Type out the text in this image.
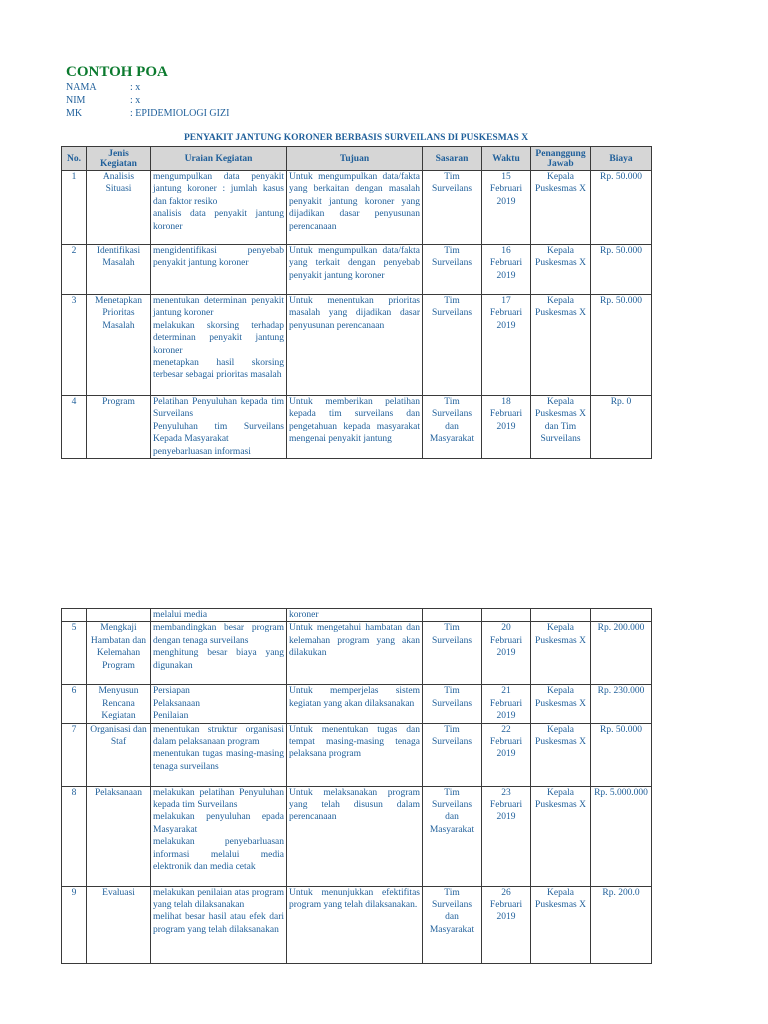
CONTOH POA
NAMA	: x
NIM	: x
MK	: EPIDEMIOLOGI GIZI
PENYAKIT JANTUNG KORONER BERBASIS SURVEILANS DI PUSKESMAS X
No.	Jenis Kegiatan	Uraian Kegiatan	Tujuan	Sasaran	Waktu	Penanggung Jawab	Biaya
1	Analisis Situasi	mengumpulkan data penyakit jantung koroner : jumlah kasus dan faktor resiko
analisis data penyakit jantung koroner	Untuk mengumpulkan data/fakta yang berkaitan dengan masalah penyakit jantung koroner yang dijadikan dasar penyusunan perencanaan	Tim Surveilans	15 Februari 2019	Kepala Puskesmas X	Rp. 50.000
2	Identifikasi Masalah	mengidentifikasi penyebab penyakit jantung koroner	Untuk mengumpulkan data/fakta yang terkait dengan penyebab penyakit jantung koroner	Tim Surveilans	16 Februari 2019	Kepala Puskesmas X	Rp. 50.000
3	Menetapkan Prioritas Masalah	menentukan determinan penyakit jantung koroner
melakukan skorsing terhadap determinan penyakit jantung koroner
menetapkan hasil skorsing terbesar sebagai prioritas masalah	Untuk menentukan prioritas masalah yang dijadikan dasar penyusunan perencanaan	Tim Surveilans	17 Februari 2019	Kepala Puskesmas X	Rp. 50.000
4	Program	Pelatihan Penyuluhan kepada tim Surveilans
Penyuluhan tim Surveilans Kepada Masyarakat
penyebarluasan informasi	Untuk memberikan pelatihan kepada tim surveilans dan pengetahuan kepada masyarakat mengenai penyakit jantung	Tim Surveilans dan Masyarakat	18 Februari 2019	Kepala Puskesmas X dan Tim Surveilans	Rp. 0
		melalui media	koroner				
5	Mengkaji Hambatan dan Kelemahan Program	membandingkan besar program dengan tenaga surveilans
menghitung besar biaya yang digunakan	Untuk mengetahui hambatan dan kelemahan program yang akan dilakukan	Tim Surveilans	20 Februari 2019	Kepala Puskesmas X	Rp. 200.000
6	Menyusun Rencana Kegiatan	Persiapan
Pelaksanaan
Penilaian	Untuk memperjelas sistem kegiatan yang akan dilaksanakan	Tim Surveilans	21 Februari 2019	Kepala Puskesmas X	Rp. 230.000
7	Organisasi dan Staf	menentukan struktur organisasi dalam pelaksanaan program
menentukan tugas masing-masing tenaga surveilans	Untuk menentukan tugas dan tempat masing-masing tenaga pelaksana program	Tim Surveilans	22 Februari 2019	Kepala Puskesmas X	Rp. 50.000
8	Pelaksanaan	melakukan pelatihan Penyuluhan kepada tim Surveilans
melakukan penyuluhan epada Masyarakat
melakukan penyebarluasan informasi melalui media elektronik dan media cetak	Untuk melaksanakan program yang telah disusun dalam perencanaan	Tim Surveilans dan Masyarakat	23 Februari 2019	Kepala Puskesmas X	Rp. 5.000.000
9	Evaluasi	melakukan penilaian atas program yang telah dilaksanakan
melihat besar hasil atau efek dari program yang telah dilaksanakan	Untuk menunjukkan efektifitas program yang telah dilaksanakan.	Tim Surveilans dan Masyarakat	26 Februari 2019	Kepala Puskesmas X	Rp. 200.0
